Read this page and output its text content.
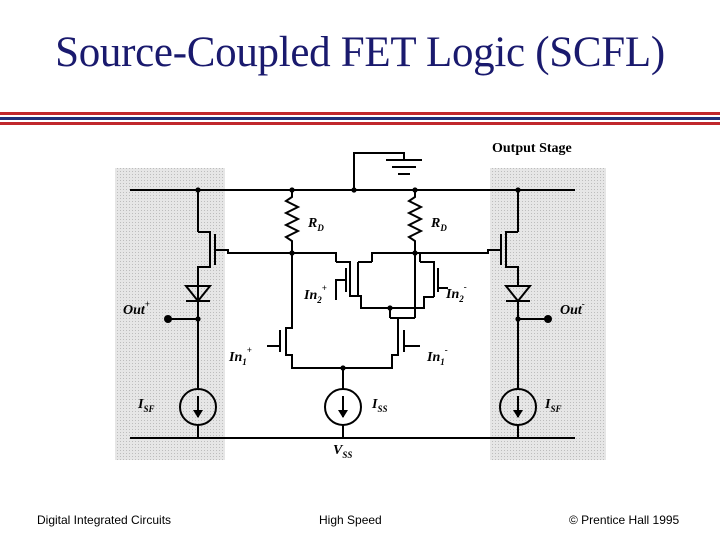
Source-Coupled FET Logic (SCFL)
Output Stage
$R_D$	$R_D$
$In_2^+$	$In_2^-$
$In_1^+$	$In_1^-$
Out+	Out-
$I_{SF}$	$I_{SF}$
$I_{SS}$
$V_{SS}$
Digital Integrated Circuits	High Speed	© Prentice Hall 1995
